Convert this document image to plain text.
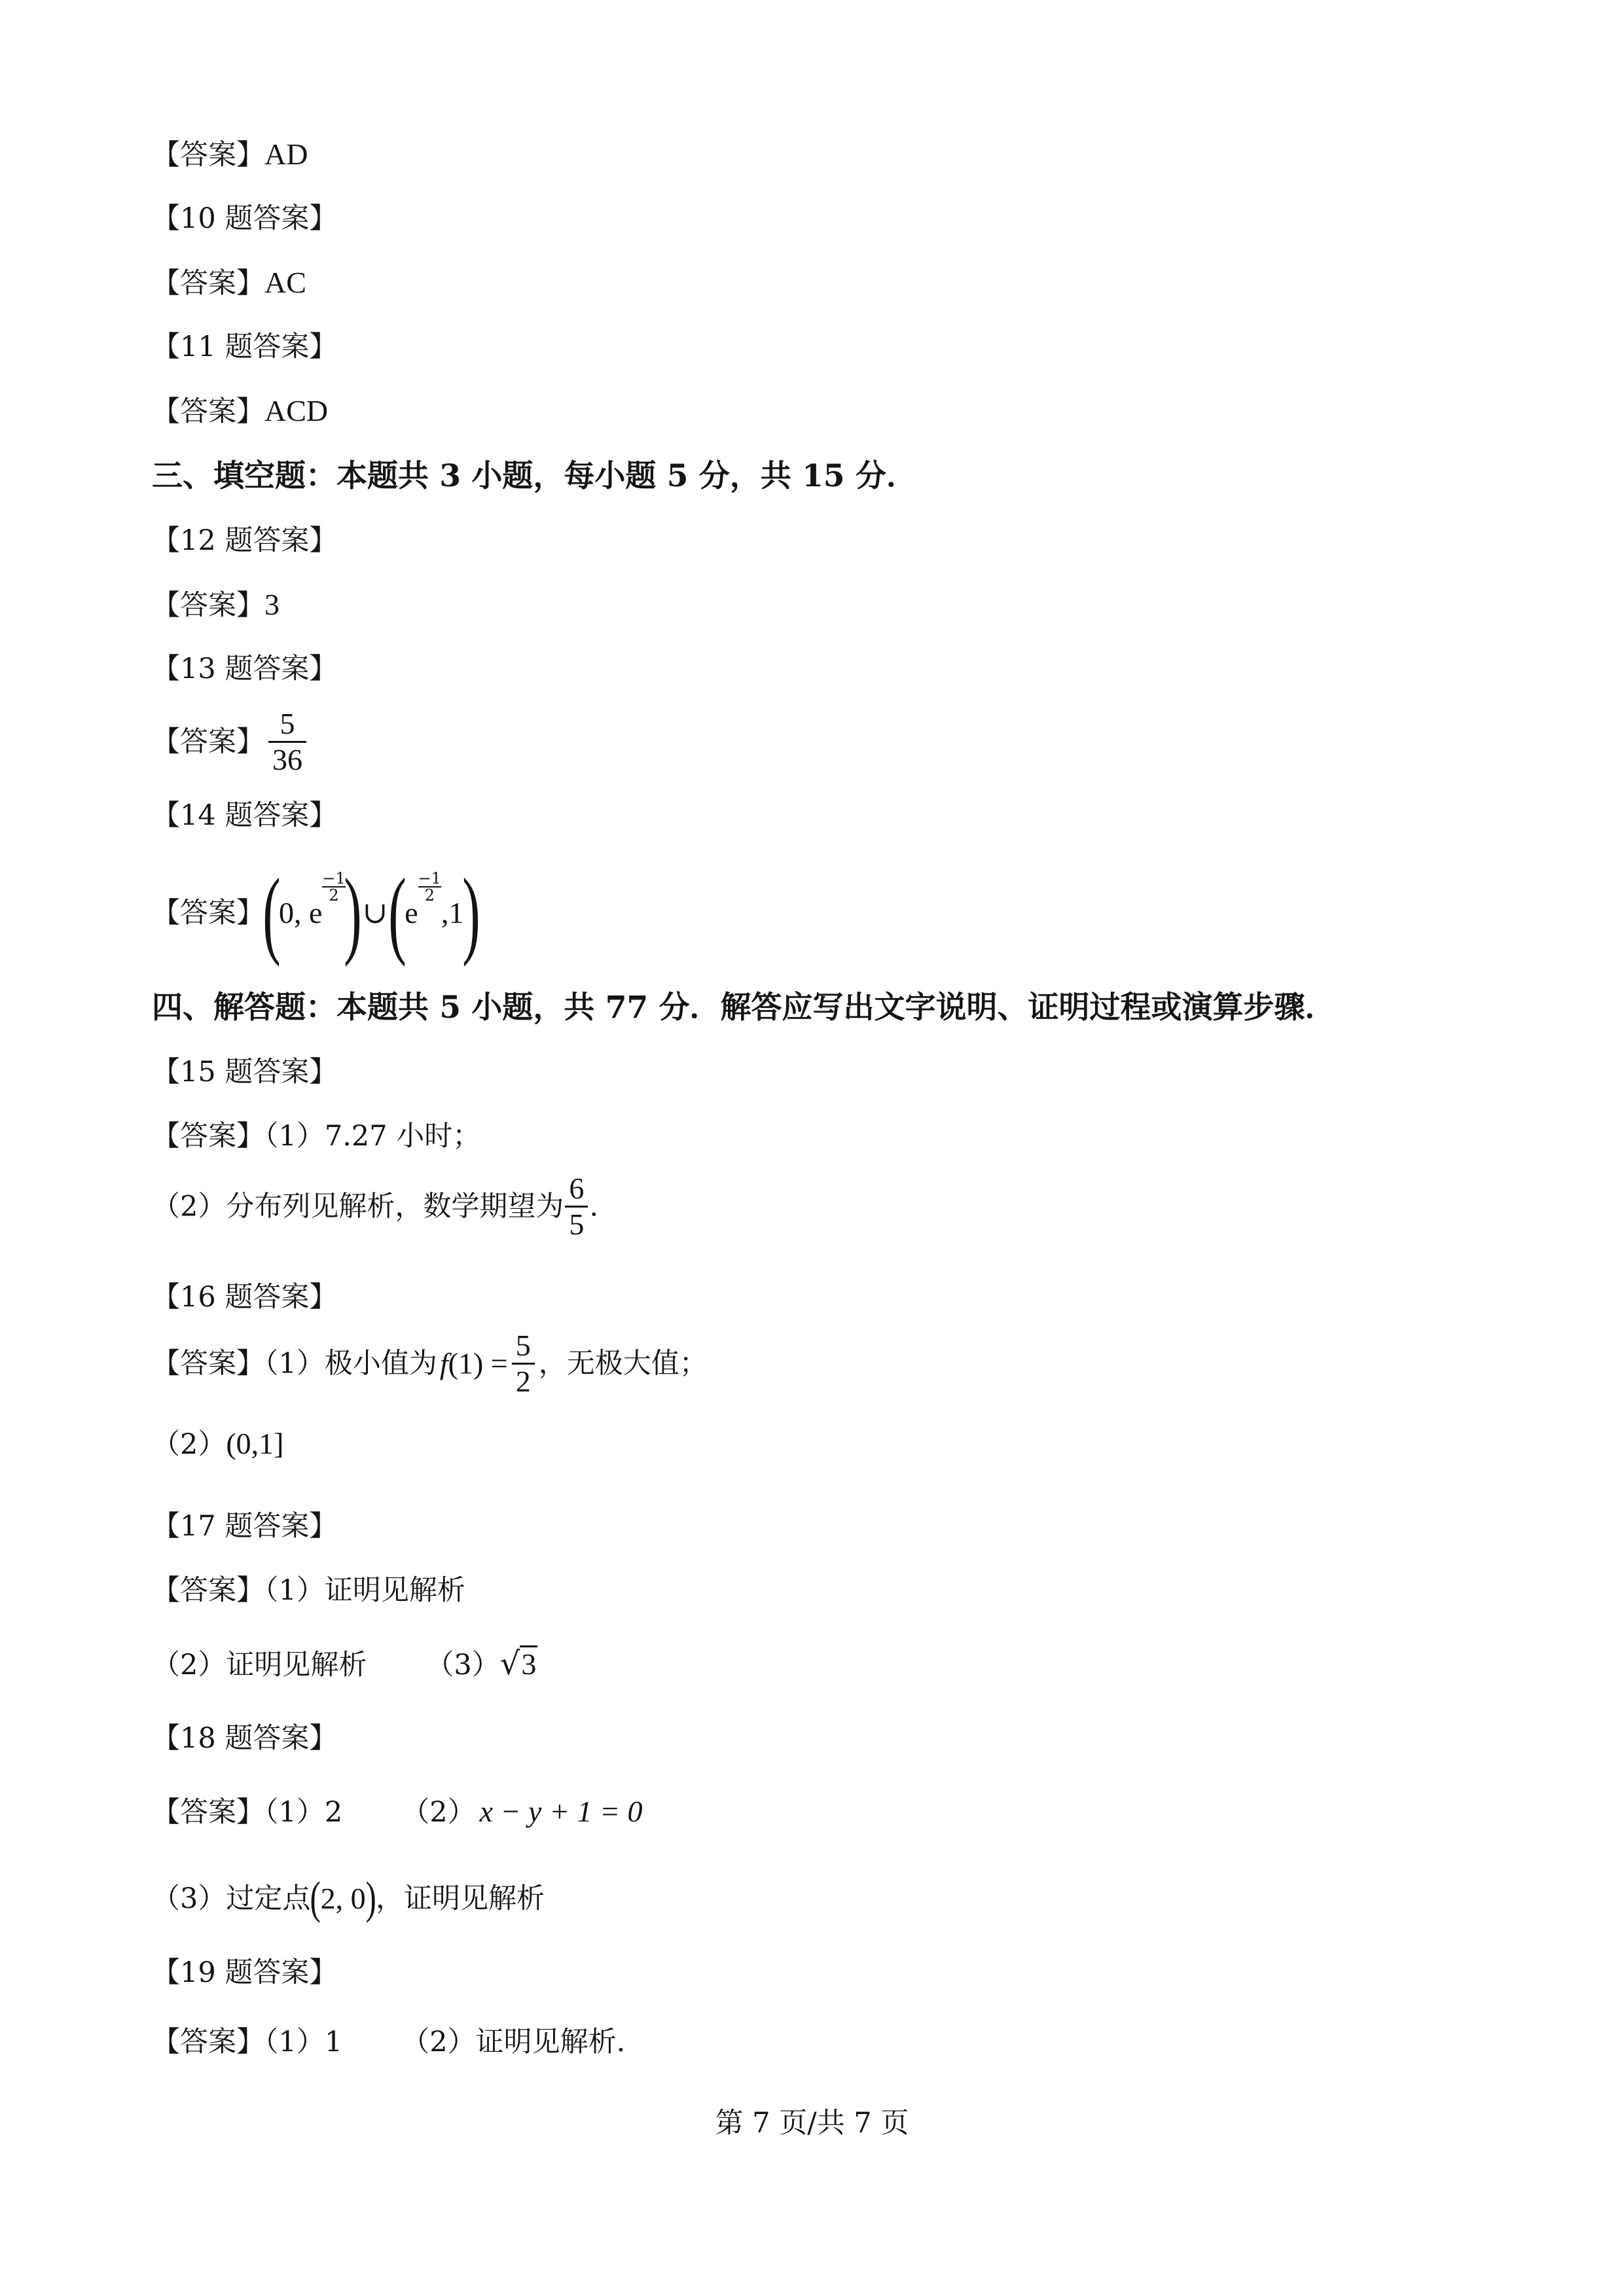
【答案】AD
【10 题答案】
【答案】AC
【11 题答案】
【答案】ACD
三、填空题：本题共 3 小题，每小题 5 分，共 15 分．
【12 题答案】
【答案】3
【13 题答案】
【答案】 $\frac{5}{36}$
【14 题答案】
【答案】(0, e
$\frac{-1}{2}$
)∪(e
$\frac{-1}{2}$
,1)
四、解答题：本题共 5 小题，共 77 分．解答应写出文字说明、证明过程或演算步骤．
【15 题答案】
【答案】（1）7.27 小时；
（2）分布列见解析，数学期望为 $\frac{6}{5}$ .
【16 题答案】
【答案】（1）极小值为$f(1) = \frac{5}{2}$ ，无极大值；
（2）(0,1]
【17 题答案】
【答案】（1）证明见解析
（2）证明见解析 （3）√3
【18 题答案】
【答案】（1）2 （2） x − y + 1 = 0
（3）过定点(2, 0)，证明见解析
【19 题答案】
【答案】（1）1 （2）证明见解析.
第 7 页/共 7 页
